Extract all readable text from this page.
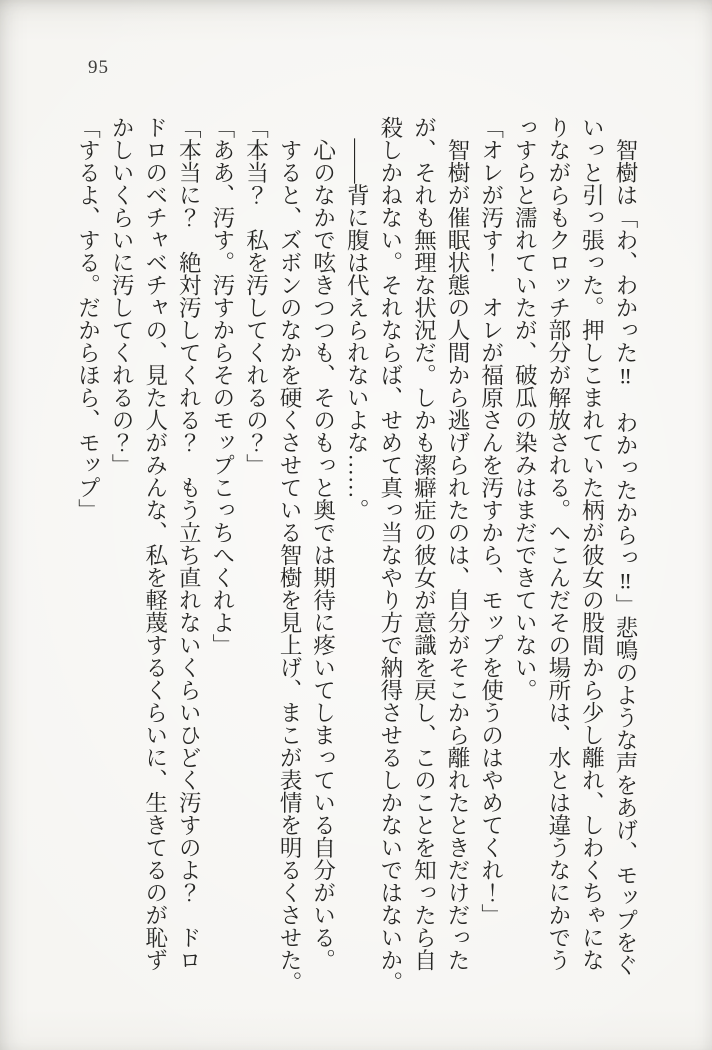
95

　智樹は「わ、わかった‼　わかったからっ‼」悲鳴のような声をあげ、モップをぐ

いっと引っ張った。押しこまれていた柄が彼女の股間から少し離れ、しわくちゃにな

りながらもクロッチ部分が解放される。へこんだその場所は、水とは違うなにかでう

っすらと濡れていたが、破瓜の染みはまだできていない。

「オレが汚す！　オレが福原さんを汚すから、モップを使うのはやめてくれ！」

　智樹が催眠状態の人間から逃げられたのは、自分がそこから離れたときだけだった

が、それも無理な状況だ。しかも潔癖症の彼女が意識を戻し、このことを知ったら自

殺しかねない。それならば、せめて真っ当なやり方で納得させるしかないではないか。

　――背に腹は代えられないよな……。

　心のなかで呟きつつも、そのもっと奥では期待に疼いてしまっている自分がいる。

　すると、ズボンのなかを硬くさせている智樹を見上げ、まこが表情を明るくさせた。

「本当？　私を汚してくれるの？」

「ああ、汚す。汚すからそのモップこっちへくれよ」

「本当に？　絶対汚してくれる？　もう立ち直れないくらいひどく汚すのよ？　ドロ

ドロのベチャベチャの、見た人がみんな、私を軽蔑するくらいに、生きてるのが恥ず

かしいくらいに汚してくれるの？」

「するよ、する。だからほら、モップ」
